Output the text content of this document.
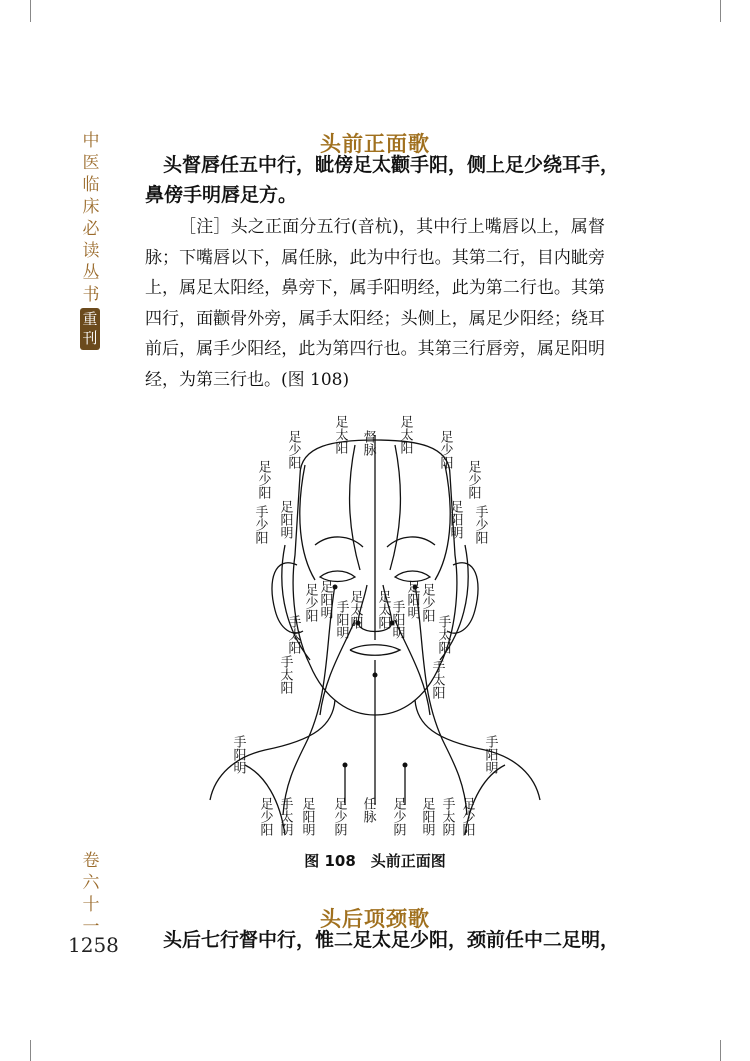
中
医
临
床
必
读
丛
书
重
刊
卷
六
十
一
1258
头前正面歌
头督唇任五中行，眦傍足太颧手阳，侧上足少绕耳手，
鼻傍手明唇足方。
［注］头之正面分五行(音杭)，其中行上嘴唇以上，属督脉；下嘴唇以下，属任脉，此为中行也。其第二行，目内眦旁上，属足太阳经，鼻旁下，属手阳明经，此为第二行也。其第四行，面颧骨外旁，属手太阳经；头侧上，属足少阳经；绕耳前后，属手少阳经，此为第四行也。其第三行唇旁，属足阳明经，为第三行也。(图 108)
督脉
足太阳	足太阳
足少阳	足少阳
足少阳	足少阳
足阳明	足阳明
手少阳	手少阳
足少阳	足少阳
足阳明	足阳明
足太阳 足太阳
手阳明	手阳明
手太阳	手太阳
手太阳	手太阳
手阳明	手阳明
足少阳 手太阴 足阳明 足少阴 任脉 足少阴 足阳明 手太阴 足少阳
图 108　头前正面图
头后项颈歌
头后七行督中行，惟二足太足少阳，颈前任中二足明，
